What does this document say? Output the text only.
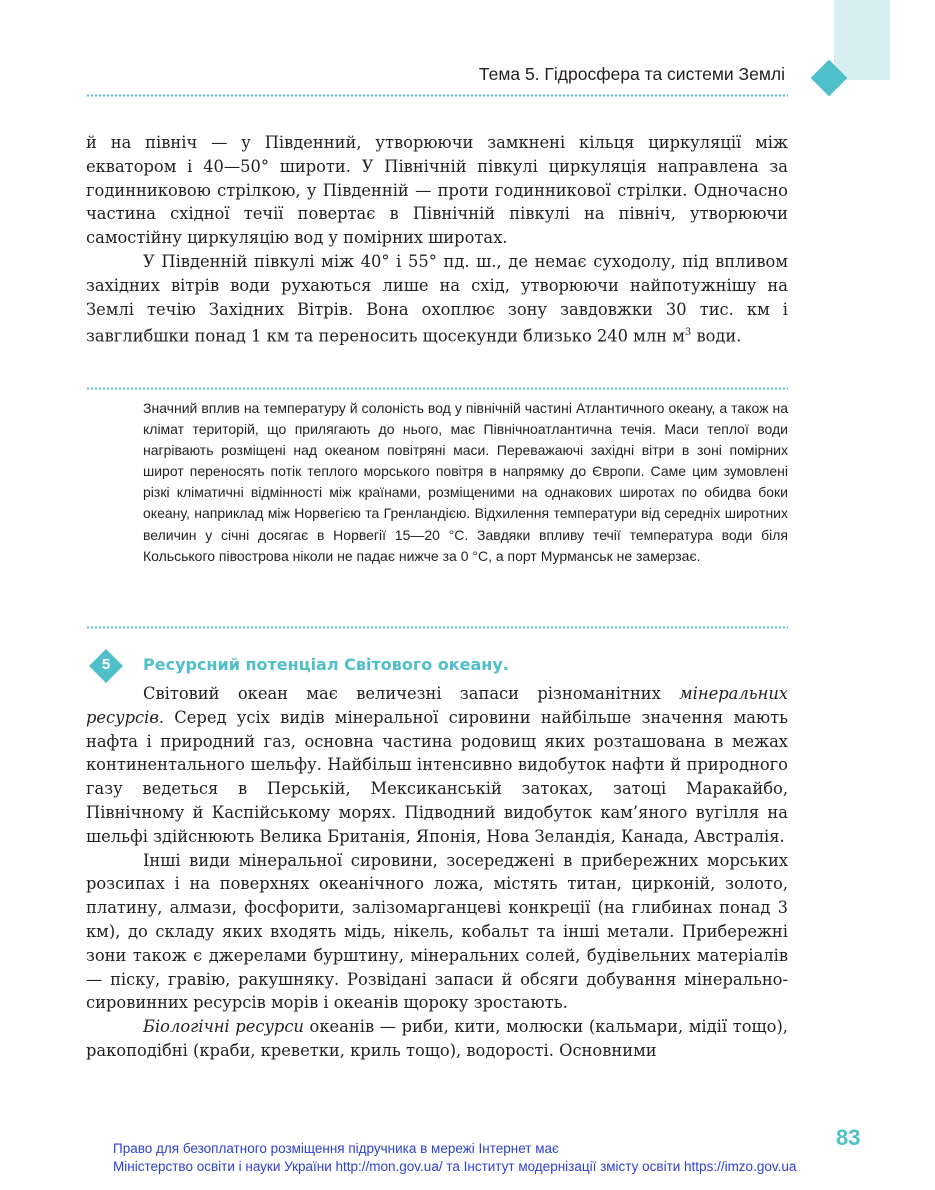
Тема 5. Гідросфера та системи Землі

й на північ — у Південний, утворюючи замкнені кільця циркуляції між екватором і 40—50° широти. У Північній півкулі циркуляція направлена за годинниковою стрілкою, у Південній — проти годинникової стрілки. Одночасно частина східної течії повертає в Північній півкулі на північ, утворюючи самостійну циркуляцію вод у помірних широтах.

У Південній півкулі між 40° і 55° пд. ш., де немає суходолу, під впливом західних вітрів води рухаються лише на схід, утворюючи найпотужнішу на Землі течію Західних Вітрів. Вона охоплює зону завдовжки 30 тис. км і завглибшки понад 1 км та переносить щосекунди близько 240 млн $м^3$ води.

Значний вплив на температуру й солоність вод у північній частині Атлантичного океану, а також на клімат територій, що прилягають до нього, має Північноатлантична течія. Маси теплої води нагрівають розміщені над океаном повітряні маси. Переважаючі західні вітри в зоні помірних широт переносять потік теплого морського повітря в напрямку до Європи. Саме цим зумовлені різкі кліматичні відмінності між країнами, розміщеними на однакових широтах по обидва боки океану, наприклад між Норвегією та Гренландією. Відхилення температури від середніх широтних величин у січні досягає в Норвегії 15—20 °С. Завдяки впливу течії температура води біля Кольського півострова ніколи не падає нижче за 0 °С, а порт Мурманськ не замерзає.
5	Ресурсний потенціал Світового океану.

Світовий океан має величезні запаси різноманітних мінеральних ресурсів. Серед усіх видів мінеральної сировини найбільше значення мають нафта і природний газ, основна частина родовищ яких розташована в межах континентального шельфу. Найбільш інтенсивно видобуток нафти й природного газу ведеться в Перській, Мексиканській затоках, затоці Маракайбо, Північному й Каспійському морях. Підводний видобуток кам’яного вугілля на шельфі здійснюють Велика Британія, Японія, Нова Зеландія, Канада, Австралія.

Інші види мінеральної сировини, зосереджені в прибережних морських розсипах і на поверхнях океанічного ложа, містять титан, цирконій, золото, платину, алмази, фосфорити, залізомарганцеві конкреції (на глибинах понад 3 км), до складу яких входять мідь, нікель, кобальт та інші метали. Прибережні зони також є джерелами бурштину, мінеральних солей, будівельних матеріалів — піску, гравію, ракушняку. Розвідані запаси й обсяги добування мінерально-сировинних ресурсів морів і океанів щороку зростають.

Біологічні ресурси океанів — риби, кити, молюски (кальмари, мідії тощо), ракоподібні (краби, креветки, криль тощо), водорості. Основними

83
Право для безоплатного розміщення підручника в мережі Інтернет має
Міністерство освіти і науки України http://mon.gov.ua/ та Інститут модернізації змісту освіти https://imzo.gov.ua
